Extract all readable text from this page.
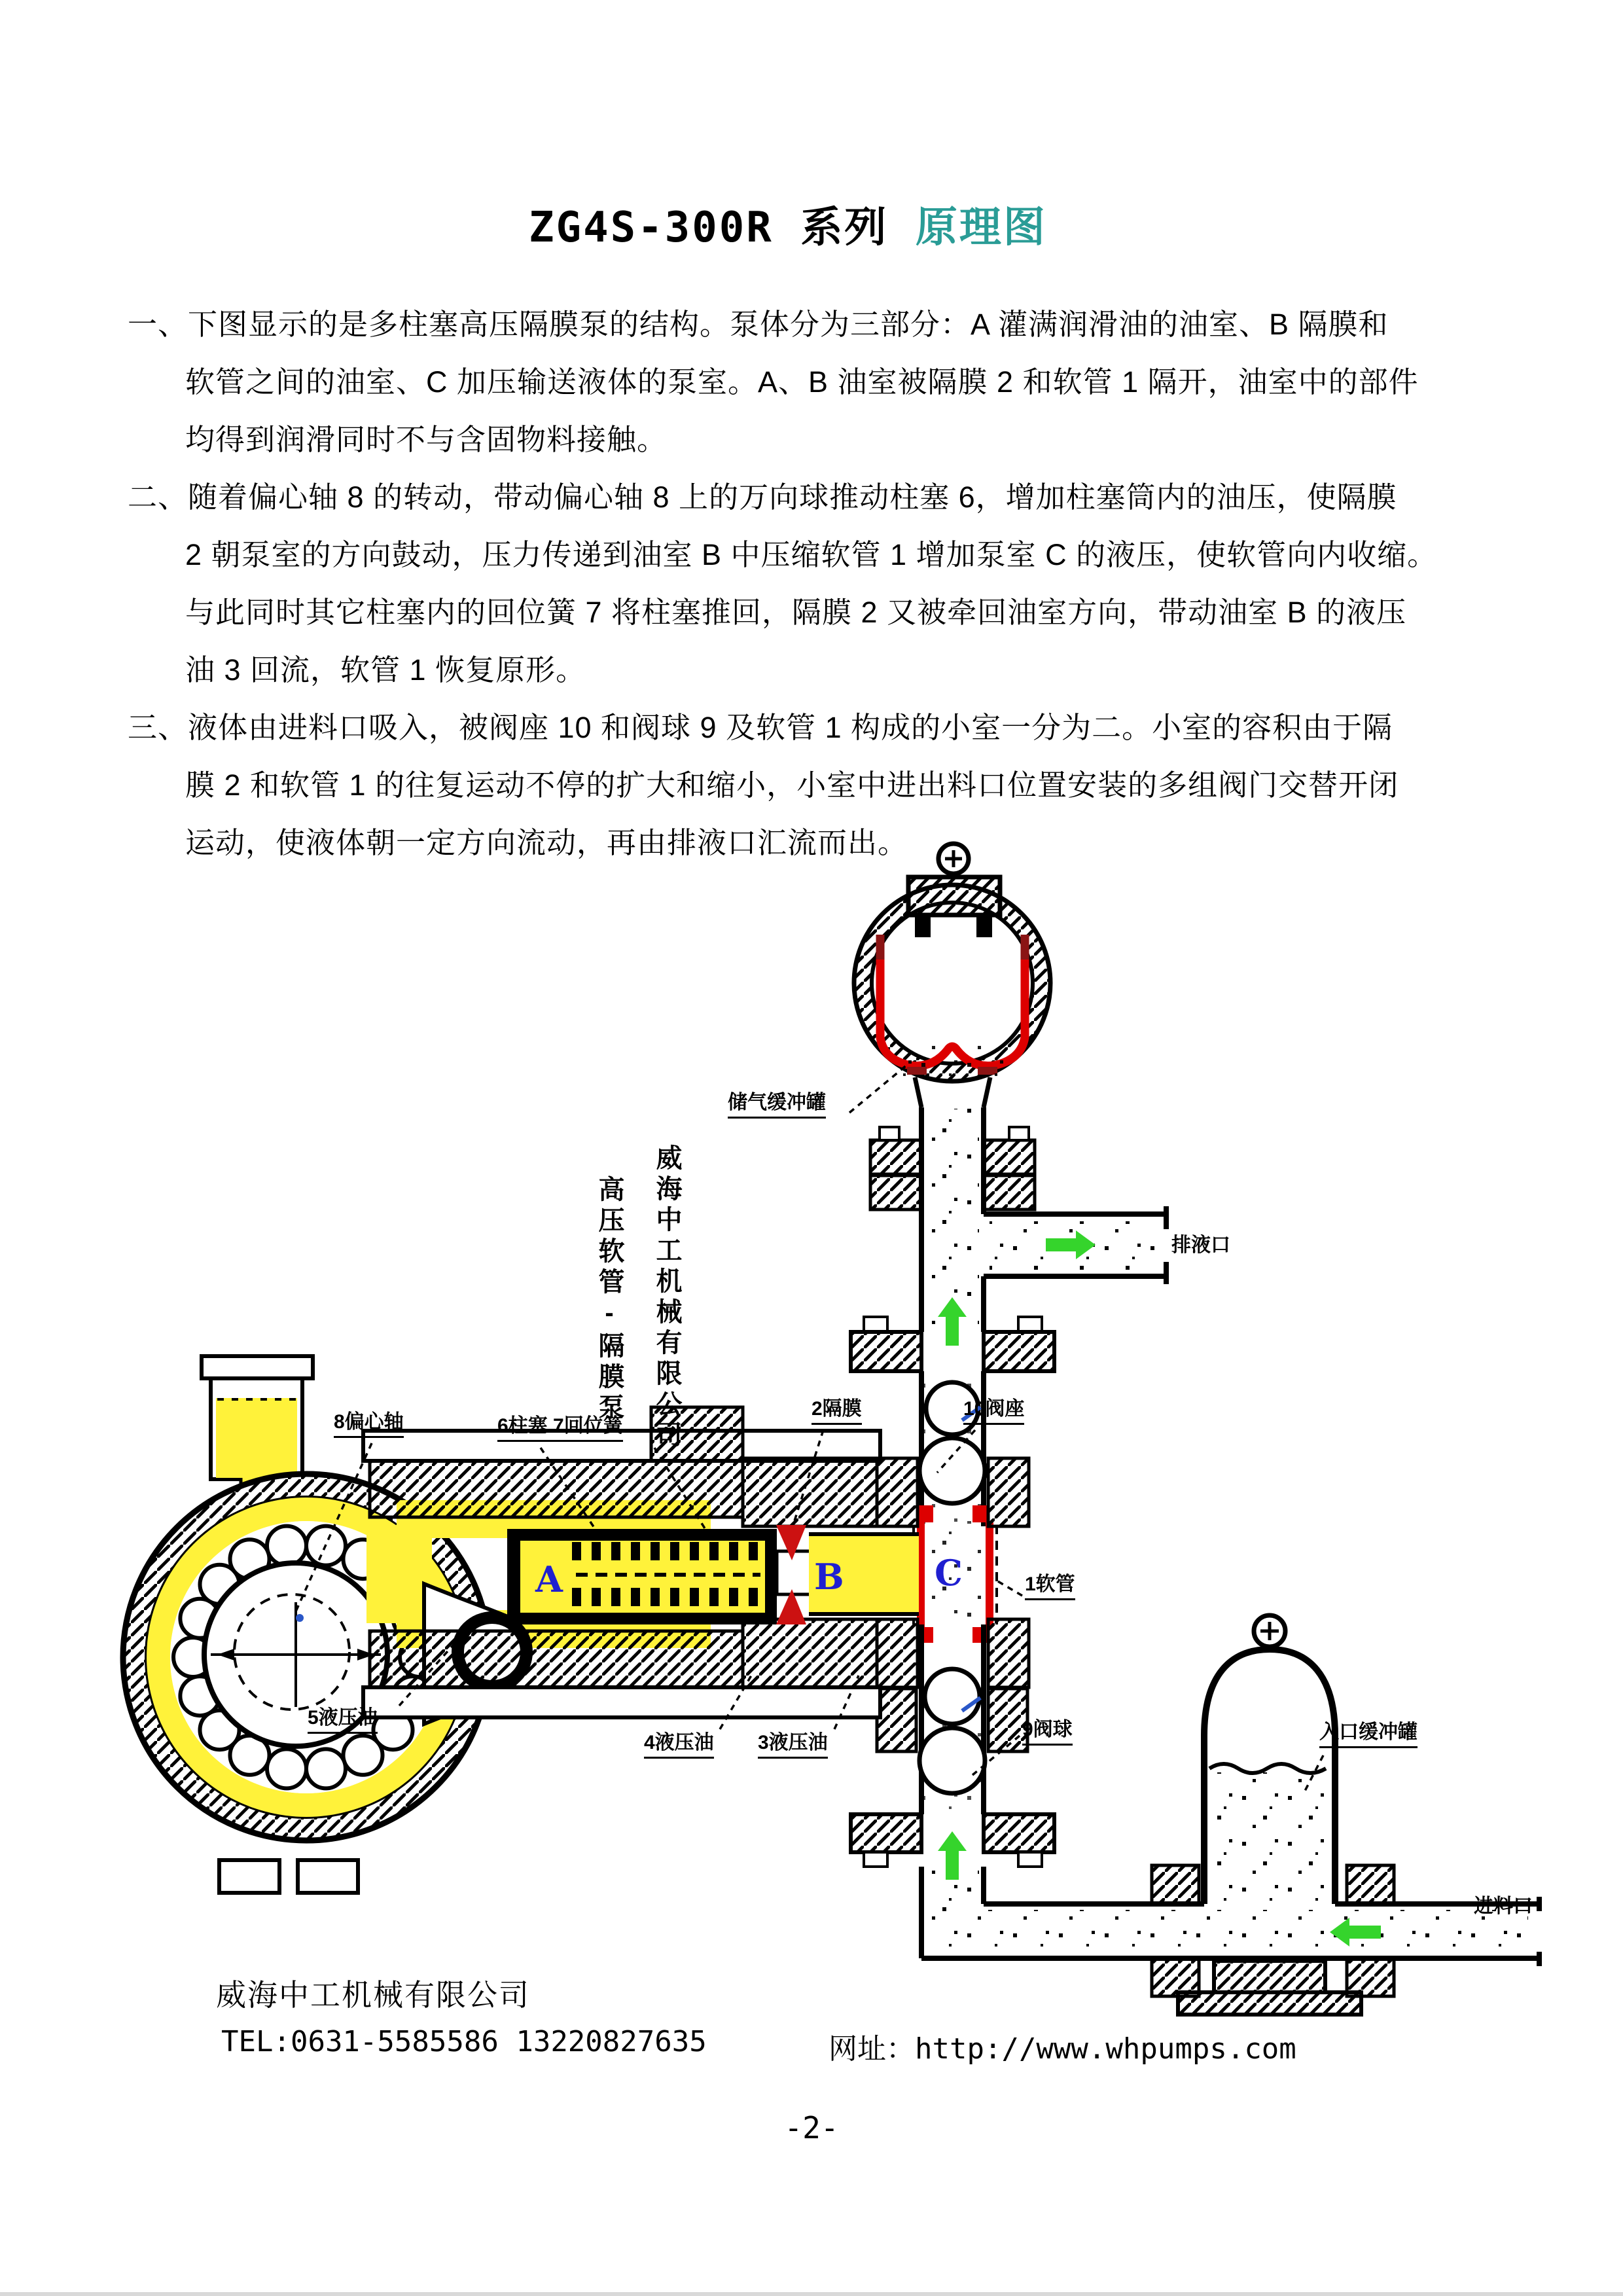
ZG4S-300R 系列 原理图
一、下图显示的是多柱塞高压隔膜泵的结构。泵体分为三部分：A 灌满润滑油的油室、B 隔膜和
软管之间的油室、C 加压输送液体的泵室。A、B 油室被隔膜 2 和软管 1 隔开，油室中的部件
均得到润滑同时不与含固物料接触。
二、随着偏心轴 8 的转动，带动偏心轴 8 上的万向球推动柱塞 6，增加柱塞筒内的油压，使隔膜
2 朝泵室的方向鼓动，压力传递到油室 B 中压缩软管 1 增加泵室 C 的液压，使软管向内收缩。
与此同时其它柱塞内的回位簧 7 将柱塞推回，隔膜 2 又被牵回油室方向，带动油室 B 的液压
油 3 回流，软管 1 恢复原形。
三、液体由进料口吸入，被阀座 10 和阀球 9 及软管 1 构成的小室一分为二。小室的容积由于隔
膜 2 和软管 1 的往复运动不停的扩大和缩小，小室中进出料口位置安装的多组阀门交替开闭
运动，使液体朝一定方向流动，再由排液口汇流而出。
储气缓冲罐
排液口
威海中工机械有限公司
高压软管-隔膜泵
8偏心轴	6柱塞 7回位簧
2隔膜	10阀座
1软管
5液压油
4液压油 3液压油
9阀球	入口缓冲罐
进料口
A	B	C
威海中工机械有限公司
TEL:0631-5585586 13220827635	网址：http://www.whpumps.com
-2-
